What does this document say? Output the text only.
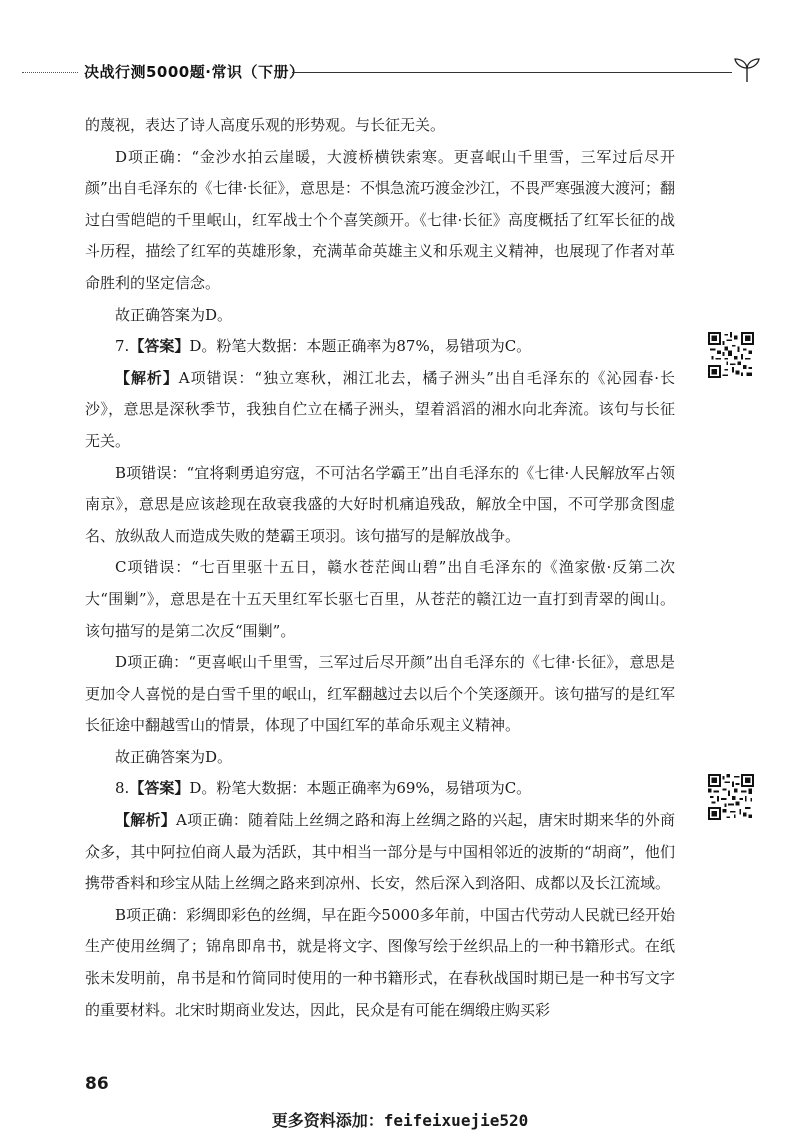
决战行测5000题·常识（下册）

的蔑视，表达了诗人高度乐观的形势观。与长征无关。

D项正确：“金沙水拍云崖暖，大渡桥横铁索寒。更喜岷山千里雪，三军过后尽开颜”出自毛泽东的《七律·长征》，意思是：不惧急流巧渡金沙江，不畏严寒强渡大渡河；翻过白雪皑皑的千里岷山，红军战士个个喜笑颜开。《七律·长征》高度概括了红军长征的战斗历程，描绘了红军的英雄形象，充满革命英雄主义和乐观主义精神，也展现了作者对革命胜利的坚定信念。

故正确答案为D。

7.【答案】D。粉笔大数据：本题正确率为87%，易错项为C。

【解析】A项错误：“独立寒秋，湘江北去，橘子洲头”出自毛泽东的《沁园春·长沙》，意思是深秋季节，我独自伫立在橘子洲头，望着滔滔的湘水向北奔流。该句与长征无关。

B项错误：“宜将剩勇追穷寇，不可沽名学霸王”出自毛泽东的《七律·人民解放军占领南京》，意思是应该趁现在敌衰我盛的大好时机痛追残敌，解放全中国，不可学那贪图虚名、放纵敌人而造成失败的楚霸王项羽。该句描写的是解放战争。

C项错误：“七百里驱十五日，赣水苍茫闽山碧”出自毛泽东的《渔家傲·反第二次大“围剿”》，意思是在十五天里红军长驱七百里，从苍茫的赣江边一直打到青翠的闽山。该句描写的是第二次反“围剿”。

D项正确：“更喜岷山千里雪，三军过后尽开颜”出自毛泽东的《七律·长征》，意思是更加令人喜悦的是白雪千里的岷山，红军翻越过去以后个个笑逐颜开。该句描写的是红军长征途中翻越雪山的情景，体现了中国红军的革命乐观主义精神。

故正确答案为D。

8.【答案】D。粉笔大数据：本题正确率为69%，易错项为C。

【解析】A项正确：随着陆上丝绸之路和海上丝绸之路的兴起，唐宋时期来华的外商众多，其中阿拉伯商人最为活跃，其中相当一部分是与中国相邻近的波斯的“胡商”，他们携带香料和珍宝从陆上丝绸之路来到凉州、长安，然后深入到洛阳、成都以及长江流域。

B项正确：彩绸即彩色的丝绸，早在距今5000多年前，中国古代劳动人民就已经开始生产使用丝绸了；锦帛即帛书，就是将文字、图像写绘于丝织品上的一种书籍形式。在纸张未发明前，帛书是和竹简同时使用的一种书籍形式，在春秋战国时期已是一种书写文字的重要材料。北宋时期商业发达，因此，民众是有可能在绸缎庄购买彩

86
更多资料添加：feifeixuejie520
